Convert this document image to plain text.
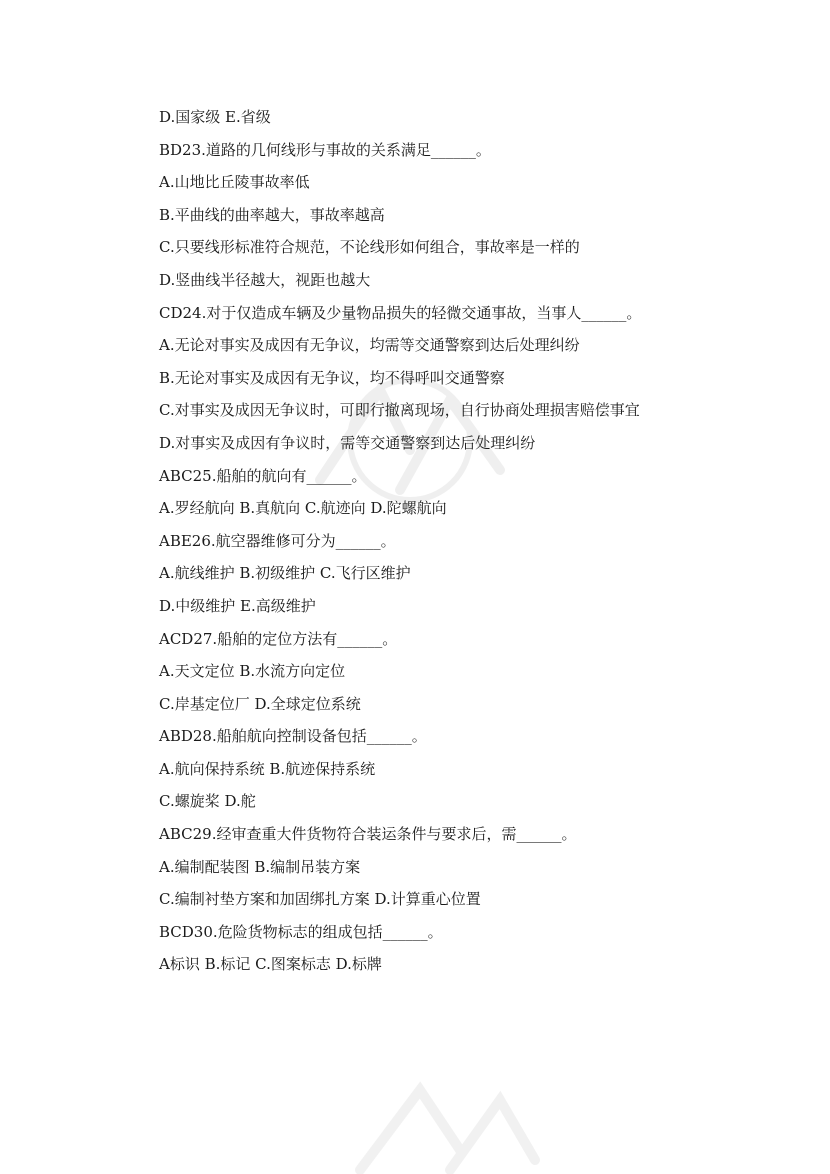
D.国家级 E.省级
BD23.道路的几何线形与事故的关系满足______。
A.山地比丘陵事故率低
B.平曲线的曲率越大，事故率越高
C.只要线形标准符合规范，不论线形如何组合，事故率是一样的
D.竖曲线半径越大，视距也越大
CD24.对于仅造成车辆及少量物品损失的轻微交通事故，当事人______。
A.无论对事实及成因有无争议，均需等交通警察到达后处理纠纷
B.无论对事实及成因有无争议，均不得呼叫交通警察
C.对事实及成因无争议时，可即行撤离现场，自行协商处理损害赔偿事宜
D.对事实及成因有争议时，需等交通警察到达后处理纠纷
ABC25.船舶的航向有______。
A.罗经航向 B.真航向 C.航迹向 D.陀螺航向
ABE26.航空器维修可分为______。
A.航线维护 B.初级维护 C.飞行区维护
D.中级维护 E.高级维护
ACD27.船舶的定位方法有______。
A.天文定位 B.水流方向定位
C.岸基定位厂 D.全球定位系统
ABD28.船舶航向控制设备包括______。
A.航向保持系统 B.航迹保持系统
C.螺旋桨 D.舵
ABC29.经审查重大件货物符合装运条件与要求后，需______。
A.编制配装图 B.编制吊装方案
C.编制衬垫方案和加固绑扎方案 D.计算重心位置
BCD30.危险货物标志的组成包括______。
A标识 B.标记 C.图案标志 D.标牌
